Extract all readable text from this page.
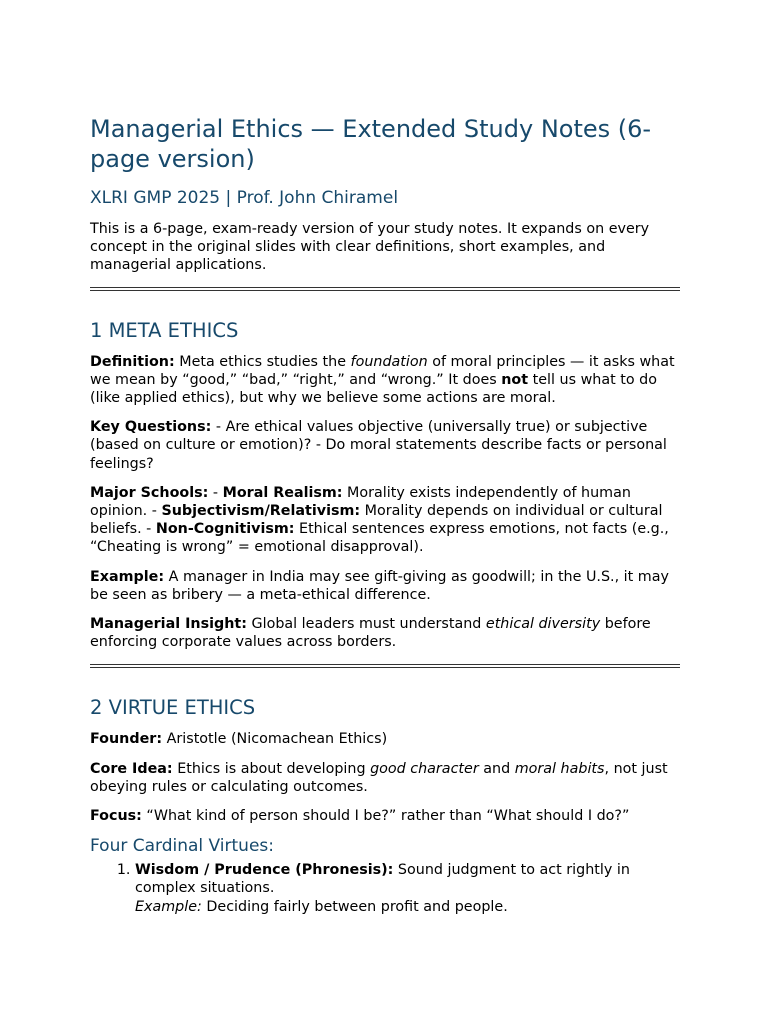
Managerial Ethics — Extended Study Notes (6-page version)
XLRI GMP 2025 | Prof. John Chiramel

This is a 6-page, exam-ready version of your study notes. It expands on every concept in the original slides with clear definitions, short examples, and managerial applications.

1 META ETHICS

Definition: Meta ethics studies the foundation of moral principles — it asks what we mean by “good,” “bad,” “right,” and “wrong.” It does not tell us what to do (like applied ethics), but why we believe some actions are moral.

Key Questions: - Are ethical values objective (universally true) or subjective (based on culture or emotion)? - Do moral statements describe facts or personal feelings?

Major Schools: - Moral Realism: Morality exists independently of human opinion. - Subjectivism/Relativism: Morality depends on individual or cultural beliefs. - Non-Cognitivism: Ethical sentences express emotions, not facts (e.g., “Cheating is wrong” = emotional disapproval).

Example: A manager in India may see gift-giving as goodwill; in the U.S., it may be seen as bribery — a meta-ethical difference.

Managerial Insight: Global leaders must understand ethical diversity before enforcing corporate values across borders.

2 VIRTUE ETHICS

Founder: Aristotle (Nicomachean Ethics)

Core Idea: Ethics is about developing good character and moral habits, not just obeying rules or calculating outcomes.

Focus: “What kind of person should I be?” rather than “What should I do?”

Four Cardinal Virtues:
1. Wisdom / Prudence (Phronesis): Sound judgment to act rightly in complex situations.
Example: Deciding fairly between profit and people.
